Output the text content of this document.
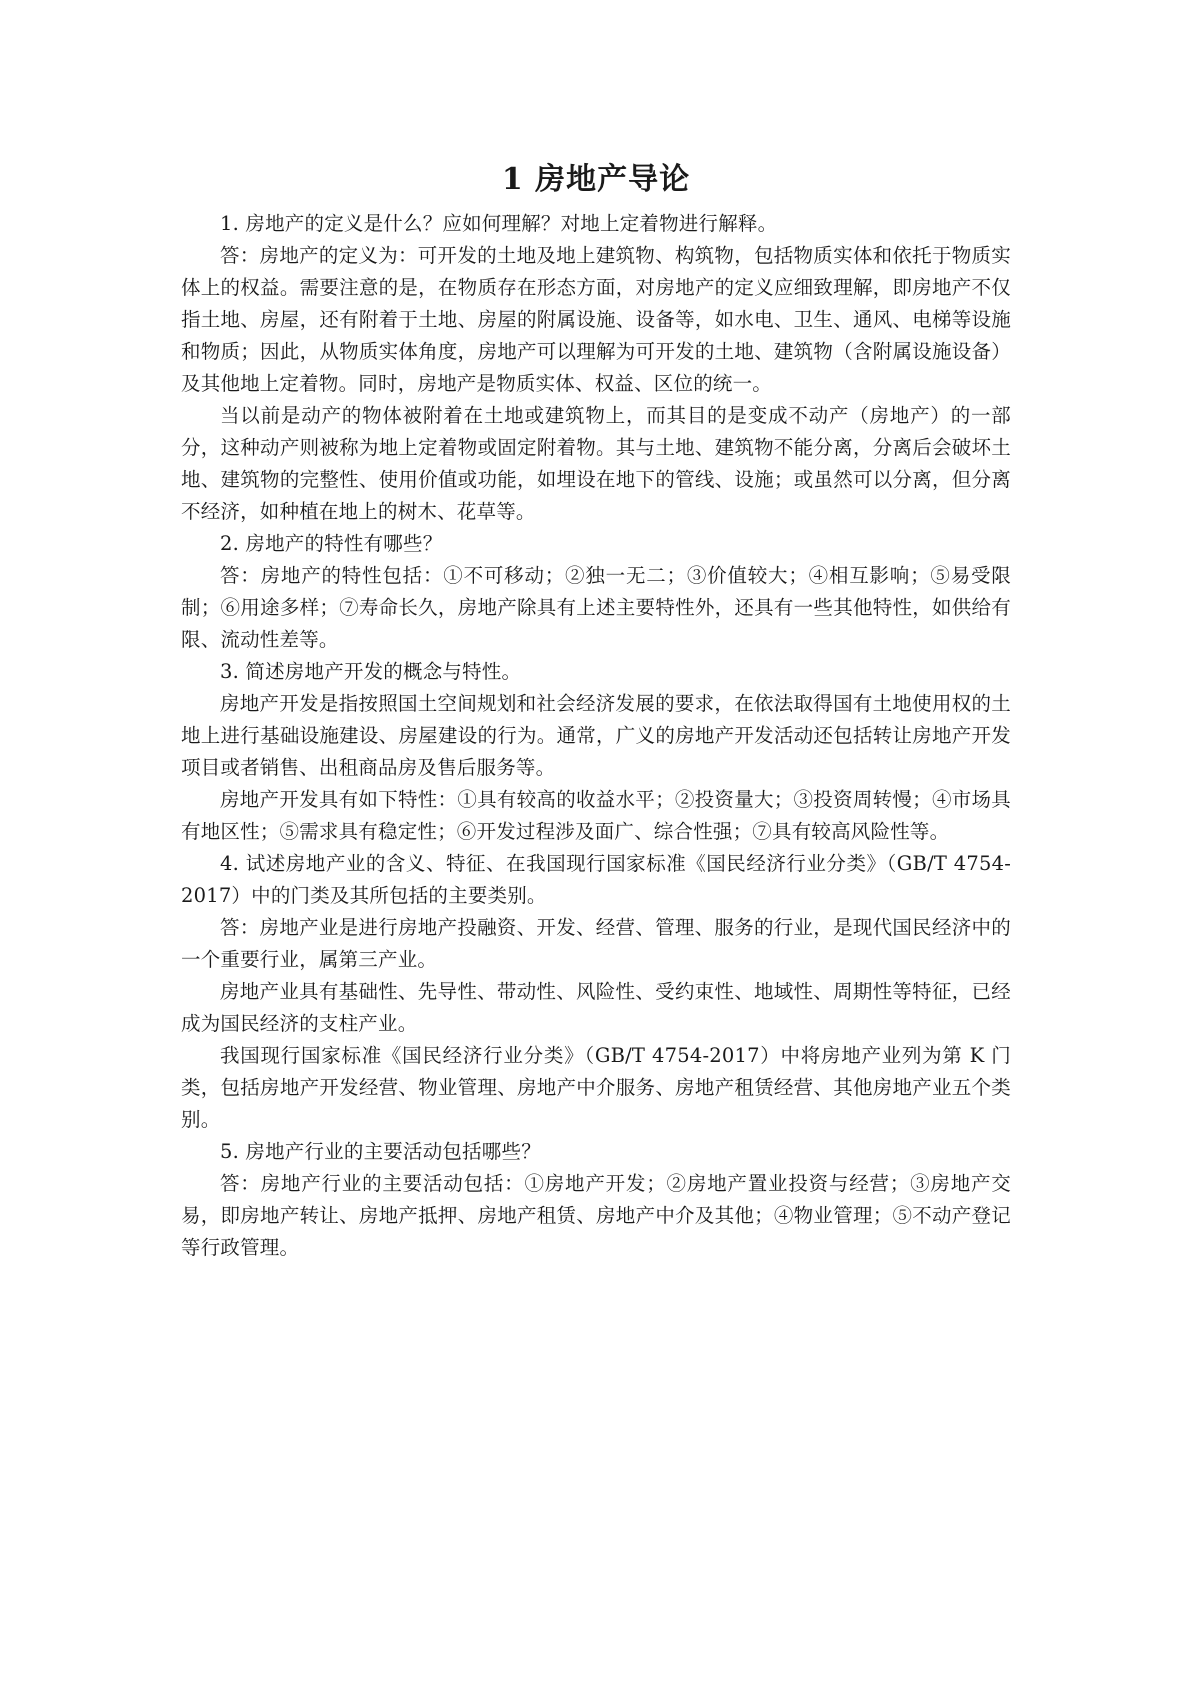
1 房地产导论

1. 房地产的定义是什么？应如何理解？对地上定着物进行解释。

答：房地产的定义为：可开发的土地及地上建筑物、构筑物，包括物质实体和依托于物质实体上的权益。需要注意的是，在物质存在形态方面，对房地产的定义应细致理解，即房地产不仅指土地、房屋，还有附着于土地、房屋的附属设施、设备等，如水电、卫生、通风、电梯等设施和物质；因此，从物质实体角度，房地产可以理解为可开发的土地、建筑物（含附属设施设备）及其他地上定着物。同时，房地产是物质实体、权益、区位的统一。

当以前是动产的物体被附着在土地或建筑物上，而其目的是变成不动产（房地产）的一部分，这种动产则被称为地上定着物或固定附着物。其与土地、建筑物不能分离，分离后会破坏土地、建筑物的完整性、使用价值或功能，如埋设在地下的管线、设施；或虽然可以分离，但分离不经济，如种植在地上的树木、花草等。

2. 房地产的特性有哪些？

答：房地产的特性包括：①不可移动；②独一无二；③价值较大；④相互影响；⑤易受限制；⑥用途多样；⑦寿命长久，房地产除具有上述主要特性外，还具有一些其他特性，如供给有限、流动性差等。

3. 简述房地产开发的概念与特性。

房地产开发是指按照国土空间规划和社会经济发展的要求，在依法取得国有土地使用权的土地上进行基础设施建设、房屋建设的行为。通常，广义的房地产开发活动还包括转让房地产开发项目或者销售、出租商品房及售后服务等。

房地产开发具有如下特性：①具有较高的收益水平；②投资量大；③投资周转慢；④市场具有地区性；⑤需求具有稳定性；⑥开发过程涉及面广、综合性强；⑦具有较高风险性等。

4. 试述房地产业的含义、特征、在我国现行国家标准《国民经济行业分类》（GB/T 4754-2017）中的门类及其所包括的主要类别。

答：房地产业是进行房地产投融资、开发、经营、管理、服务的行业，是现代国民经济中的一个重要行业，属第三产业。

房地产业具有基础性、先导性、带动性、风险性、受约束性、地域性、周期性等特征，已经成为国民经济的支柱产业。

我国现行国家标准《国民经济行业分类》（GB/T 4754-2017）中将房地产业列为第 K 门类，包括房地产开发经营、物业管理、房地产中介服务、房地产租赁经营、其他房地产业五个类别。

5. 房地产行业的主要活动包括哪些？

答：房地产行业的主要活动包括：①房地产开发；②房地产置业投资与经营；③房地产交易，即房地产转让、房地产抵押、房地产租赁、房地产中介及其他；④物业管理；⑤不动产登记等行政管理。
